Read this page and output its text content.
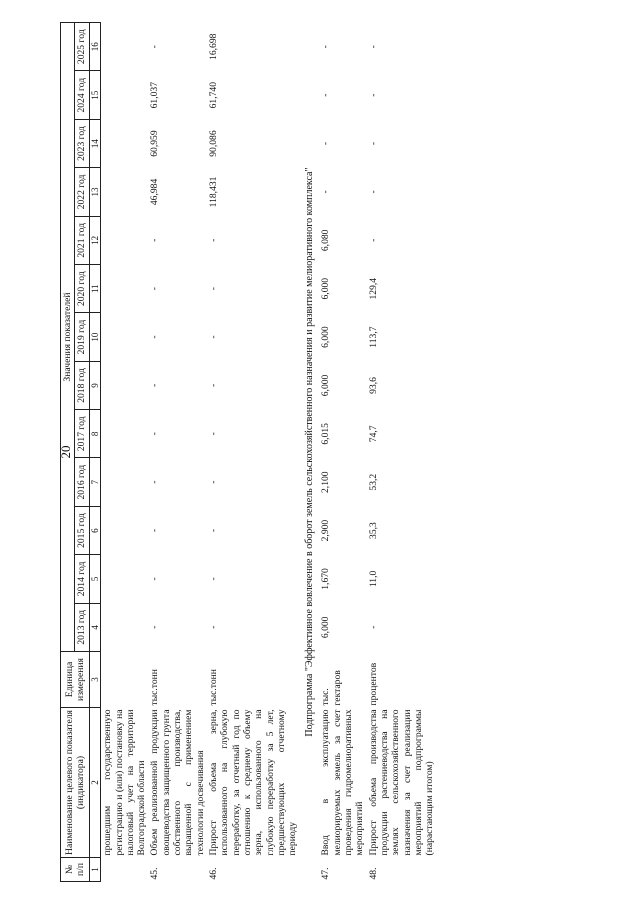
20
№ п/п	Наименование целевого показателя (индикатора)	Единица измерения	Значения показателей												
			2013 год	2014 год	2015 год	2016 год	2017 год	2018 год	2019 год	2020 год	2021 год	2022 год	2023 год	2024 год	2025 год
1	2	3	4	5	6	7	8	9	10	11	12	13	14	15	16
	прошедшим государственную регистрацию и (или) постановку на налоговый учет на территории Волгоградской области														
45.	Объем реализованной продукции овощеводства защищенного грунта собственного производства, выращенной с применением технологии досвечивания	тыс.тонн	-	-	-	-	-	-	-	-	-	46,984	60,959	61,037	-
46.	Прирост объема зерна, использованного на глубокую переработку, за отчетный год по отношению к среднему объему зерна, использованного на глубокую переработку за 5 лет, предшествующих отчетному периоду	тыс.тонн	-	-	-	-	-	-	-	-	-	118,431	90,086	61,740	16,698
Подпрограмма "Эффективное вовлечение в оборот земель сельскохозяйственного назначения и развитие мелиоративного комплекса"															
47.	Ввод в эксплуатацию мелиорируемых земель за счет проведения гидромелиоративных мероприятий	тыс. гектаров	6,000	1,670	2,900	2,100	6,015	6,000	6,000	6,000	6,080	-	-	-	-
48.	Прирост объема производства продукции растениеводства на землях сельскохозяйственного назначения за счет реализации мероприятий подпрограммы (нарастающим итогом)	процентов	-	11,0	35,3	53,2	74,7	93,6	113,7	129,4	-	-	-	-	-
